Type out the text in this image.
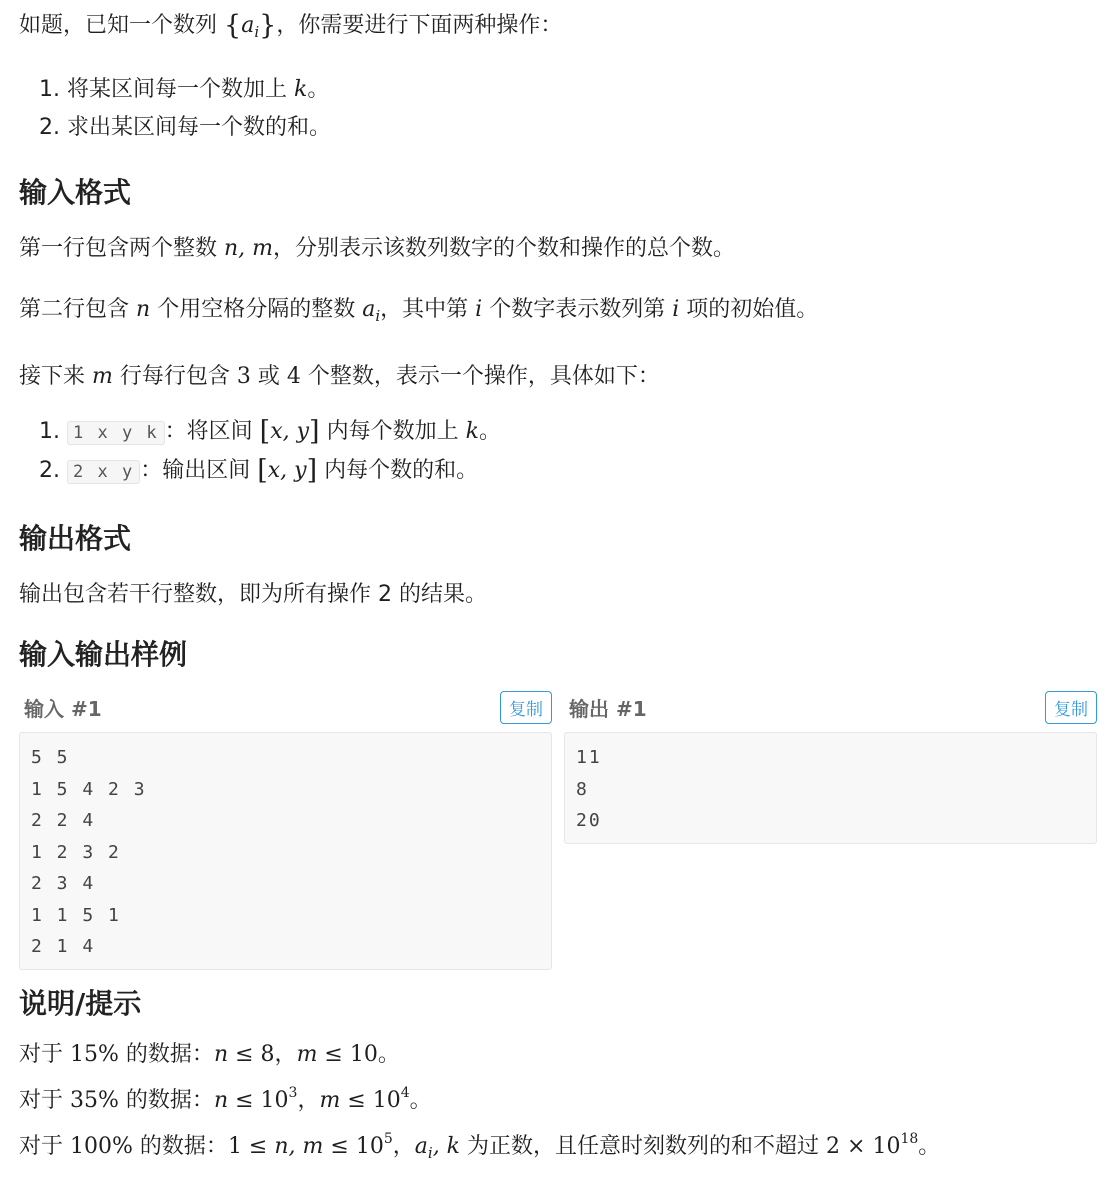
如题，已知一个数列 $\{a_i\}$，你需要进行下面两种操作：

1. 将某区间每一个数加上 k。
2. 求出某区间每一个数的和。
输入格式

第一行包含两个整数 n, m，分别表示该数列数字的个数和操作的总个数。

第二行包含 n 个用空格分隔的整数 $a_i$，其中第 i 个数字表示数列第 i 项的初始值。

接下来 m 行每行包含 3 或 4 个整数，表示一个操作，具体如下：

1. 1 x y k ：将区间 [x, y] 内每个数加上 k。
2. 2 x y ：输出区间 [x, y] 内每个数的和。
输出格式

输出包含若干行整数，即为所有操作 2 的结果。

输入输出样例
输入 #1	复制
5 5
1 5 4 2 3
2 2 4
1 2 3 2
2 3 4
1 1 5 1
2 1 4
输出 #1	复制
11
8
20
说明/提示

对于 15% 的数据：n ≤ 8，m ≤ 10。

对于 35% 的数据：$n \le 10^3$，$m \le 10^4$。

对于 100% 的数据：1 ≤ n, $m \le 10^5$，$a_i$, k 为正数，且任意时刻数列的和不超过 $2 \times 10^{18}$。
